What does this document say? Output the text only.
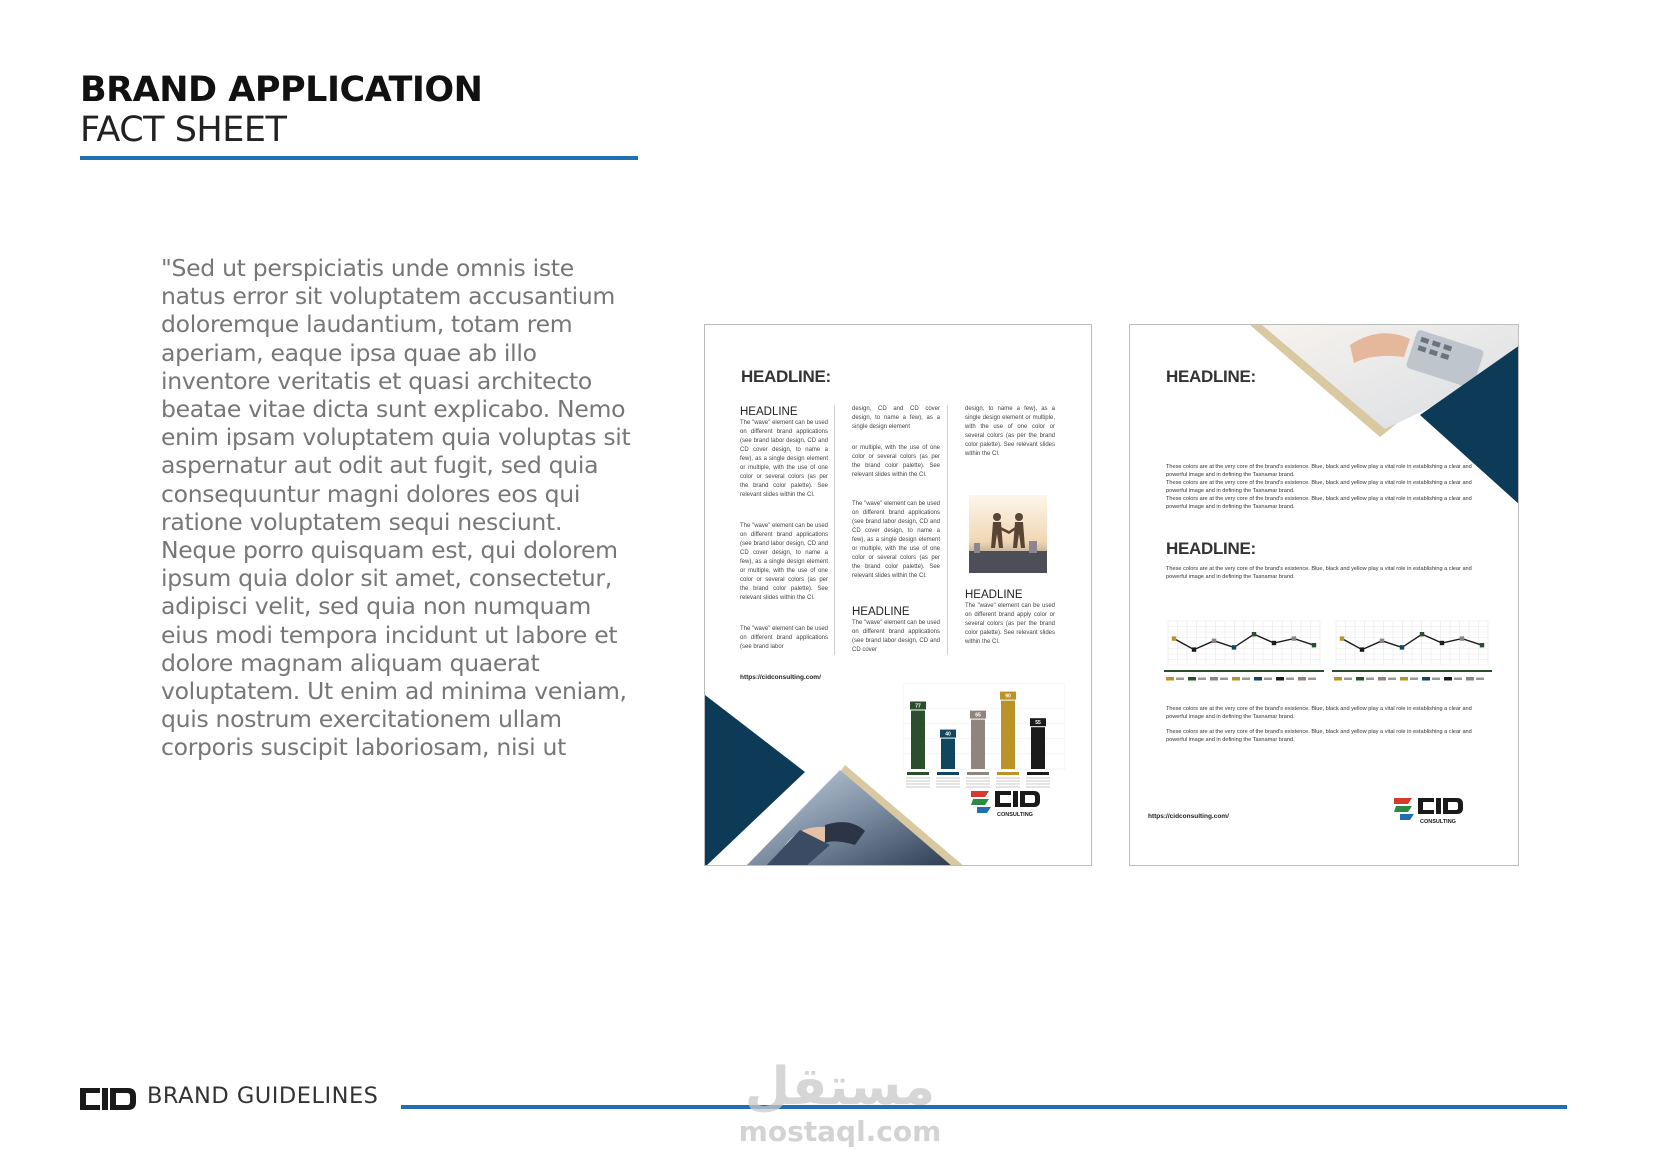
BRAND APPLICATION
FACT SHEET
"Sed ut perspiciatis unde omnis iste natus error sit voluptatem accusantium doloremque laudantium, totam rem aperiam, eaque ipsa quae ab illo inventore veritatis et quasi architecto beatae vitae dicta sunt explicabo. Nemo enim ipsam voluptatem quia voluptas sit aspernatur aut odit aut fugit, sed quia consequuntur magni dolores eos qui ratione voluptatem sequi nesciunt. Neque porro quisquam est, qui dolorem ipsum quia dolor sit amet, consectetur, adipisci velit, sed quia non numquam eius modi tempora incidunt ut labore et dolore magnam aliquam quaerat voluptatem. Ut enim ad minima veniam, quis nostrum exercitationem ullam corporis suscipit laboriosam, nisi ut
HEADLINE:
HEADLINE
The "wave" element can be used on different brand applications (see brand labor design, CD and CD cover design, to name a few), as a single design element or multiple, with the use of one color or several colors (as per the brand color palette). See relevant slides within the CI.
The "wave" element can be used on different brand applications (see brand labor design, CD and CD cover design, to name a few), as a single design element or multiple, with the use of one color or several colors (as per the brand color palette). See relevant slides within the CI.
The "wave" element can be used on different brand applications (see brand labor
design, CD and CD cover design, to name a few), as a single design element
or multiple, with the use of one color or several colors (as per the brand color palette). See relevant slides within the CI.
The "wave" element can be used on different brand applications (see brand labor design, CD and CD cover design, to name a few), as a single design element or multiple, with the use of one color or several colors (as per the brand color palette). See relevant slides within the CI.
HEADLINE
The "wave" element can be used on different brand applications (see brand labor design, CD and CD cover
design, to name a few), as a single design element or multiple, with the use of one color or several colors (as per the brand color palette). See relevant slides within the CI.
HEADLINE
The "wave" element can be used on different brand apply color or several colors (as per the brand color palette). See relevant slides within the CI.
https://cidconsulting.com/
77
40
65
90
55
CONSULTING
HEADLINE:
These colors are at the very core of the brand's existence. Blue, black and yellow play a vital role in establishing a clear and powerful image and in defining the Tasnamar brand.
These colors are at the very core of the brand's existence. Blue, black and yellow play a vital role in establishing a clear and powerful image and in defining the Tasnamar brand.
These colors are at the very core of the brand's existence. Blue, black and yellow play a vital role in establishing a clear and powerful image and in defining the Tasnamar brand.
HEADLINE:
These colors are at the very core of the brand's existence. Blue, black and yellow play a vital role in establishing a clear and powerful image and in defining the Tasnamar brand.
These colors are at the very core of the brand's existence. Blue, black and yellow play a vital role in establishing a clear and powerful image and in defining the Tasnamar brand.
These colors are at the very core of the brand's existence. Blue, black and yellow play a vital role in establishing a clear and powerful image and in defining the Tasnamar brand.
https://cidconsulting.com/
CONSULTING
BRAND GUIDELINES	مستقل
mostaql.com
